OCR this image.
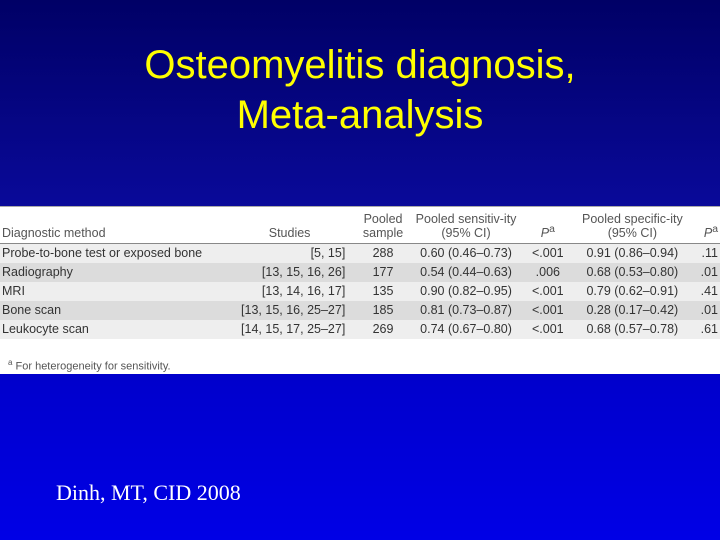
Osteomyelitis diagnosis,
Meta-analysis
Diagnostic method	Studies	Pooled sample	Pooled sensitiv-ity (95% CI)	$P^a$	Pooled specific-ity (95% CI)	$P^a$
Probe-to-bone test or exposed bone	[5, 15]	288	0.60 (0.46–0.73)	<.001	0.91 (0.86–0.94)	.11
Radiography	[13, 15, 16, 26]	177	0.54 (0.44–0.63)	.006	0.68 (0.53–0.80)	.01
MRI	[13, 14, 16, 17]	135	0.90 (0.82–0.95)	<.001	0.79 (0.62–0.91)	.41
Bone scan	[13, 15, 16, 25–27]	185	0.81 (0.73–0.87)	<.001	0.28 (0.17–0.42)	.01
Leukocyte scan	[14, 15, 17, 25–27]	269	0.74 (0.67–0.80)	<.001	0.68 (0.57–0.78)	.61
$^a$ For heterogeneity for sensitivity.
Dinh, MT, CID 2008
